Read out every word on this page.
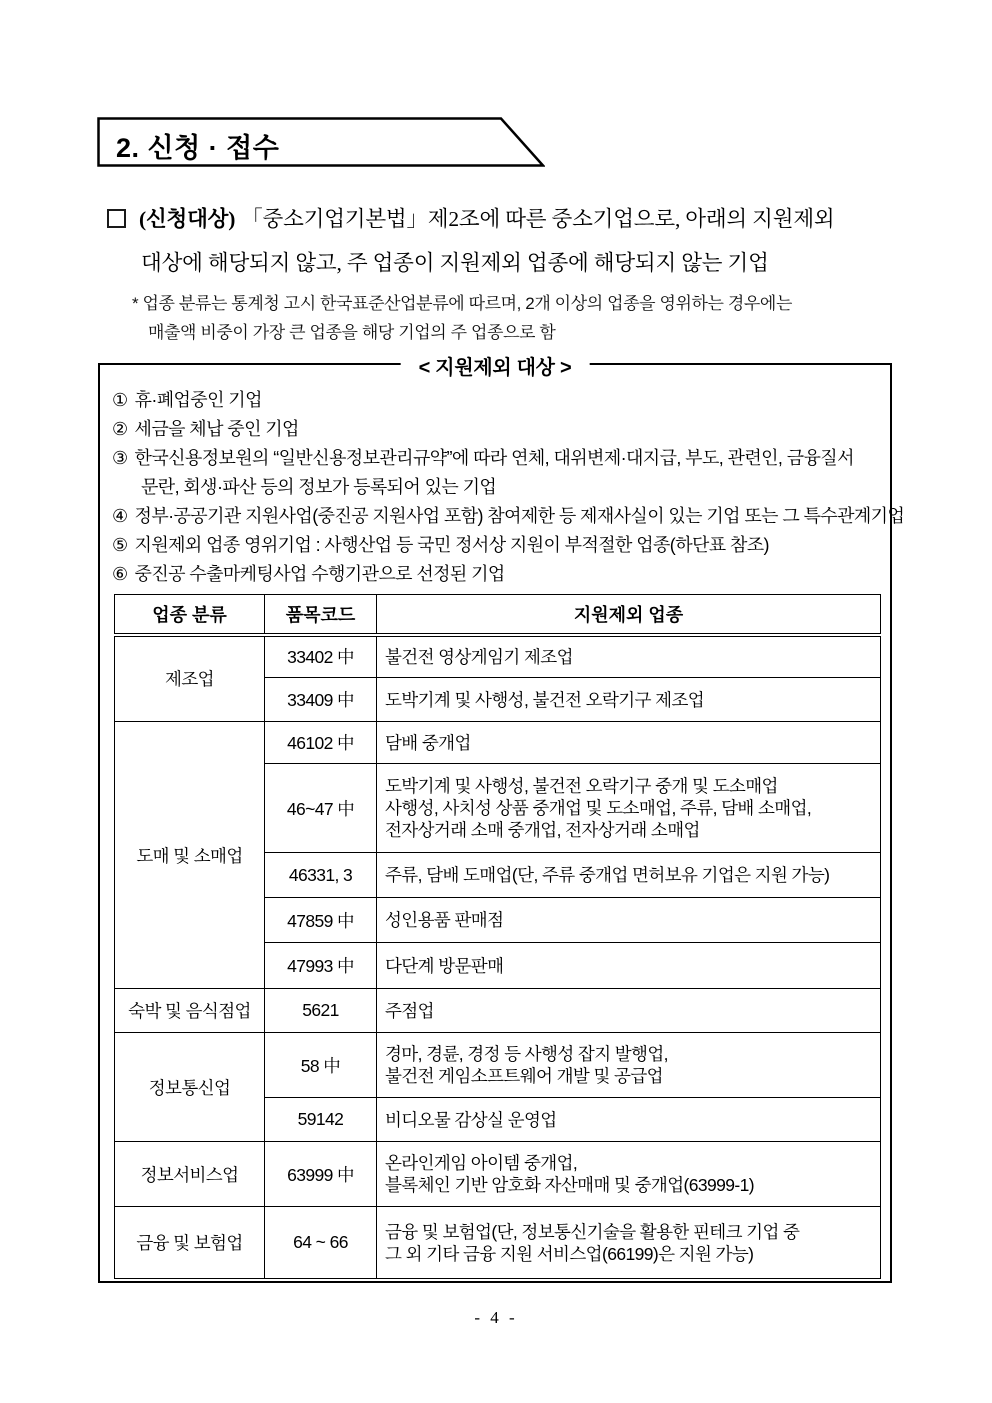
2. 신청 · 접수
(신청대상) 「중소기업기본법」제2조에 따른 중소기업으로, 아래의 지원제외
대상에 해당되지 않고, 주 업종이 지원제외 업종에 해당되지 않는 기업
* 업종 분류는 통계청 고시 한국표준산업분류에 따르며, 2개 이상의 업종을 영위하는 경우에는
매출액 비중이 가장 큰 업종을 해당 기업의 주 업종으로 함
< 지원제외 대상 >
① 휴·폐업중인 기업
② 세금을 체납 중인 기업
③ 한국신용정보원의 “일반신용정보관리규약”에 따라 연체, 대위변제·대지급, 부도, 관련인, 금융질서
문란, 회생·파산 등의 정보가 등록되어 있는 기업
④ 정부·공공기관 지원사업(중진공 지원사업 포함) 참여제한 등 제재사실이 있는 기업 또는 그 특수관계기업
⑤ 지원제외 업종 영위기업 : 사행산업 등 국민 정서상 지원이 부적절한 업종(하단표 참조)
⑥ 중진공 수출마케팅사업 수행기관으로 선정된 기업
업종 분류	품목코드	지원제외 업종
제조업	33402 中	불건전 영상게임기 제조업

	33409 中	도박기계 및 사행성, 불건전 오락기구 제조업

도매 및 소매업	46102 中	담배 중개업

	46~47 中	도박기계 및 사행성, 불건전 오락기구 중개 및 도소매업
사행성, 사치성 상품 중개업 및 도소매업, 주류, 담배 소매업,
전자상거래 소매 중개업, 전자상거래 소매업

	46331, 3	주류, 담배 도매업(단, 주류 중개업 면허보유 기업은 지원 가능)

	47859 中	성인용품 판매점

	47993 中	다단계 방문판매

숙박 및 음식점업	5621	주점업

정보통신업	58 中	경마, 경륜, 경정 등 사행성 잡지 발행업,
불건전 게임소프트웨어 개발 및 공급업

	59142	비디오물 감상실 운영업

정보서비스업	63999 中	온라인게임 아이템 중개업,
블록체인 기반 암호화 자산매매 및 중개업(63999-1)

금융 및 보험업	64 ~ 66	금융 및 보험업(단, 정보통신기술을 활용한 핀테크 기업 중
그 외 기타 금융 지원 서비스업(66199)은 지원 가능)
- 4 -
